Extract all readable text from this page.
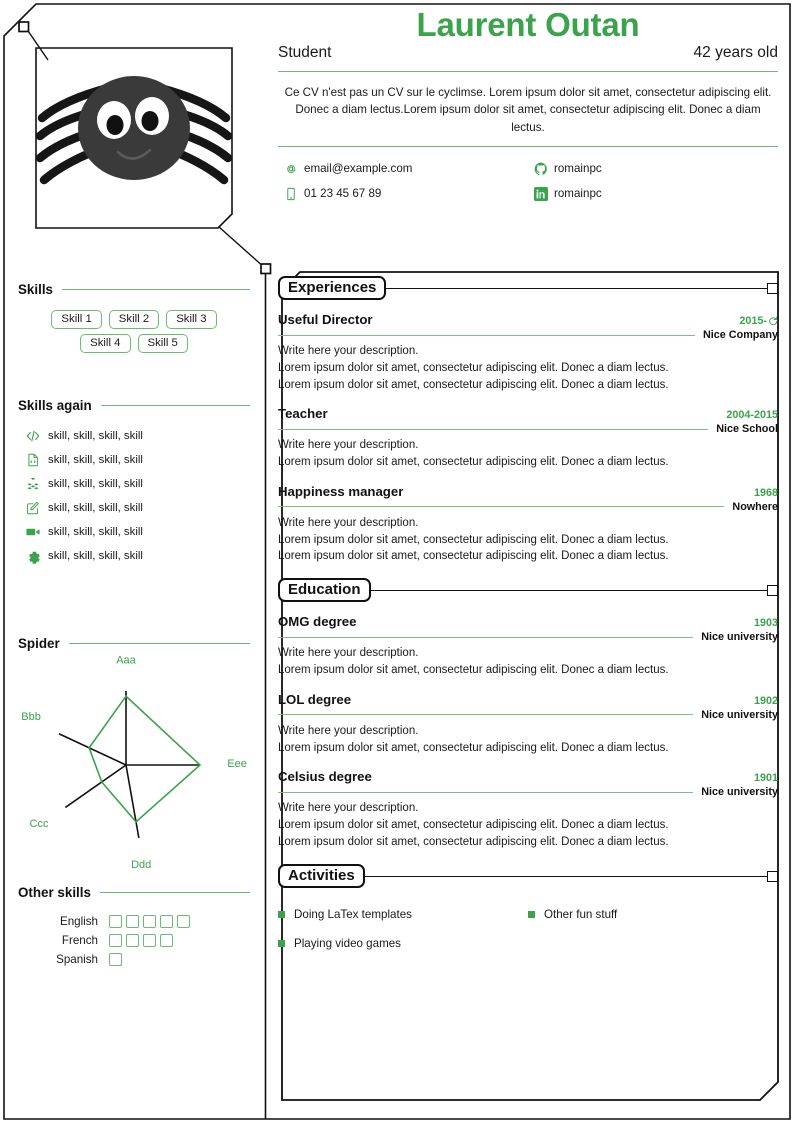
Laurent Outan
Student	42 years old
Ce CV n'est pas un CV sur le cyclimse. Lorem ipsum dolor sit amet, consectetur adipiscing elit. Donec a diam lectus.Lorem ipsum dolor sit amet, consectetur adipiscing elit. Donec a diam lectus.
email@example.com	romainpc
01 23 45 67 89	romainpc
Skills
Skill 1	Skill 2	Skill 3
Skill 4	Skill 5
Skills again
skill, skill, skill, skill
skill, skill, skill, skill
skill, skill, skill, skill
skill, skill, skill, skill
skill, skill, skill, skill
skill, skill, skill, skill
Spider
Aaa
Bbb
Ccc
Ddd
Eee
Other skills
English
French
Spanish
Experiences
Useful Director	2015-
Nice Company
Write here your description.
Lorem ipsum dolor sit amet, consectetur adipiscing elit. Donec a diam lectus.
Lorem ipsum dolor sit amet, consectetur adipiscing elit. Donec a diam lectus.
Teacher	2004-2015
Nice School
Write here your description.
Lorem ipsum dolor sit amet, consectetur adipiscing elit. Donec a diam lectus.
Happiness manager	1968
Nowhere
Write here your description.
Lorem ipsum dolor sit amet, consectetur adipiscing elit. Donec a diam lectus.
Lorem ipsum dolor sit amet, consectetur adipiscing elit. Donec a diam lectus.
Education
OMG degree	1903
Nice university
Write here your description.
Lorem ipsum dolor sit amet, consectetur adipiscing elit. Donec a diam lectus.
LOL degree	1902
Nice university
Write here your description.
Lorem ipsum dolor sit amet, consectetur adipiscing elit. Donec a diam lectus.
Celsius degree	1901
Nice university
Write here your description.
Lorem ipsum dolor sit amet, consectetur adipiscing elit. Donec a diam lectus.
Lorem ipsum dolor sit amet, consectetur adipiscing elit. Donec a diam lectus.
Activities
Doing LaTex templates	Other fun stuff
Playing video games
